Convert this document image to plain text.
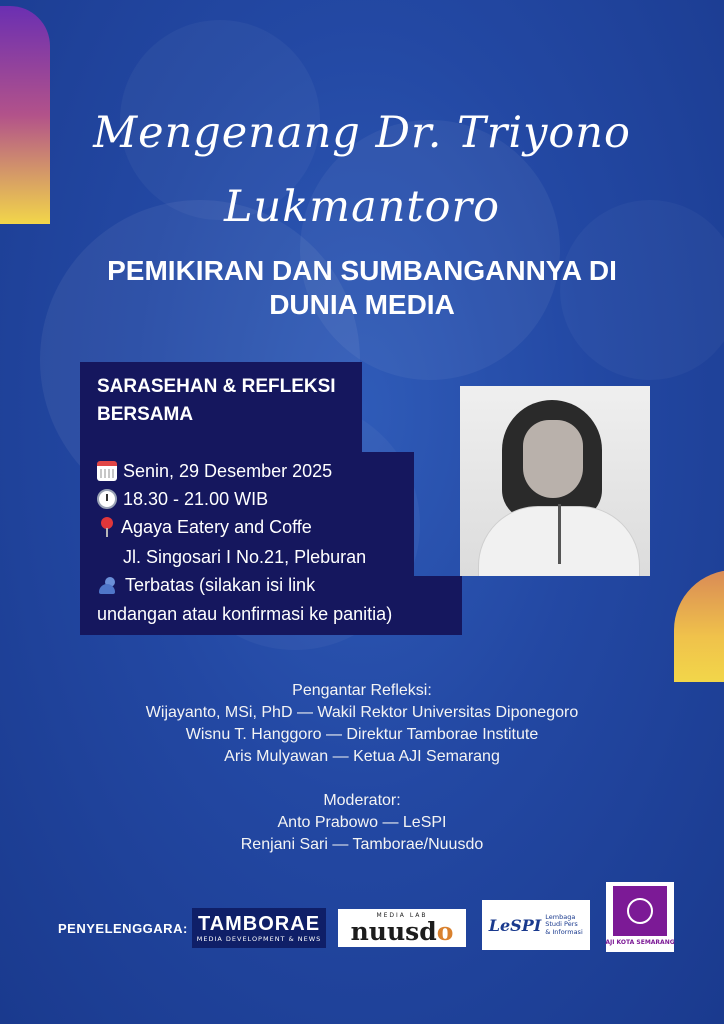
Mengenang Dr. Triyono Lukmantoro
PEMIKIRAN DAN SUMBANGANNYA DI DUNIA MEDIA
SARASEHAN & REFLEKSI BERSAMA
Senin, 29 Desember 2025
18.30 - 21.00 WIB
Agaya Eatery and Coffe
Jl. Singosari I No.21, Pleburan
Terbatas (silakan isi link
undangan atau konfirmasi ke panitia)

Pengantar Refleksi:

Wijayanto, MSi, PhD — Wakil Rektor Universitas Diponegoro

Wisnu T. Hanggoro — Direktur Tamborae Institute

Aris Mulyawan — Ketua AJI Semarang

Moderator:

Anto Prabowo — LeSPI

Renjani Sari — Tamborae/Nuusdo

PENYELENGGARA: TAMBORAE
MEDIA DEVELOPMENT & NEWS
MEDIA LAB
nuusdo LeSPI Lembaga Studi Pers & Informasi
AJI KOTA SEMARANG
